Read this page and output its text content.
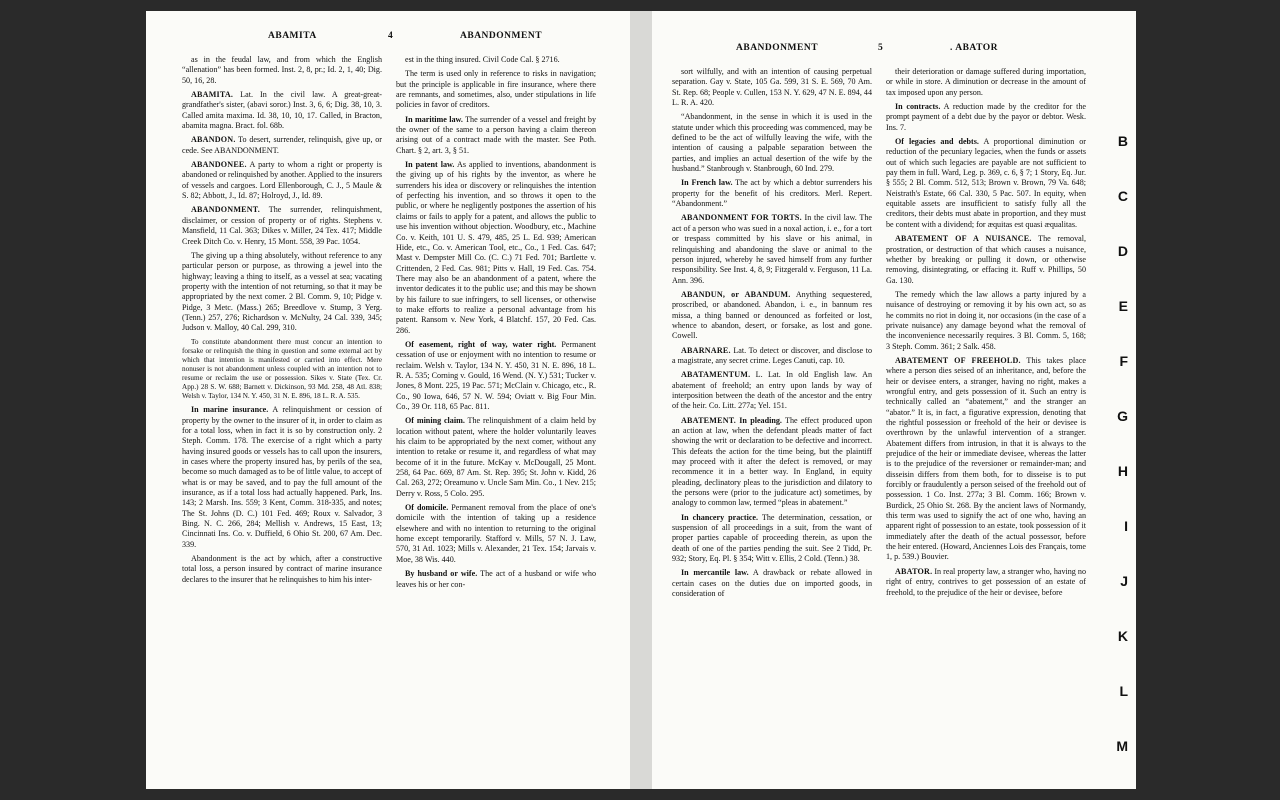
ABAMITA	4	ABANDONMENT

as in the feudal law, and from which the English “allenation” has been formed. Inst. 2, 8, pr.; Id. 2, 1, 40; Dig. 50, 16, 28.

ABAMITA. Lat. In the civil law. A great-great-grandfather's sister, (abavi soror.) Inst. 3, 6, 6; Dig. 38, 10, 3. Called amita maxima. Id. 38, 10, 10, 17. Called, in Bracton, abamita magna. Bract. fol. 68b.

ABANDON. To desert, surrender, relinquish, give up, or cede. See ABANDONMENT.

ABANDONEE. A party to whom a right or property is abandoned or relinquished by another. Applied to the insurers of vessels and cargoes. Lord Ellenborough, C. J., 5 Maule & S. 82; Abbott, J., Id. 87; Holroyd, J., Id. 89.

ABANDONMENT. The surrender, relinquishment, disclaimer, or cession of property or of rights. Stephens v. Mansfield, 11 Cal. 363; Dikes v. Miller, 24 Tex. 417; Middle Creek Ditch Co. v. Henry, 15 Mont. 558, 39 Pac. 1054.

The giving up a thing absolutely, without reference to any particular person or purpose, as throwing a jewel into the highway; leaving a thing to itself, as a vessel at sea; vacating property with the intention of not returning, so that it may be appropriated by the next comer. 2 Bl. Comm. 9, 10; Pidge v. Pidge, 3 Metc. (Mass.) 265; Breedlove v. Stump, 3 Yerg. (Tenn.) 257, 276; Richardson v. McNulty, 24 Cal. 339, 345; Judson v. Malloy, 40 Cal. 299, 310.

To constitute abandonment there must concur an intention to forsake or relinquish the thing in question and some external act by which that intention is manifested or carried into effect. Mere nonuser is not abandonment unless coupled with an intention not to resume or reclaim the use or possession. Sikes v. State (Tex. Cr. App.) 28 S. W. 688; Barnett v. Dickinson, 93 Md. 258, 48 Atl. 838; Welsh v. Taylor, 134 N. Y. 450, 31 N. E. 896, 18 L. R. A. 535.

In marine insurance. A relinquishment or cession of property by the owner to the insurer of it, in order to claim as for a total loss, when in fact it is so by construction only. 2 Steph. Comm. 178. The exercise of a right which a party having insured goods or vessels has to call upon the insurers, in cases where the property insured has, by perils of the sea, become so much damaged as to be of little value, to accept of what is or may be saved, and to pay the full amount of the insurance, as if a total loss had actually happened. Park, Ins. 143; 2 Marsh. Ins. 559; 3 Kent, Comm. 318-335, and notes; The St. Johns (D. C.) 101 Fed. 469; Roux v. Salvador, 3 Bing. N. C. 266, 284; Mellish v. Andrews, 15 East, 13; Cincinnati Ins. Co. v. Duffield, 6 Ohio St. 200, 67 Am. Dec. 339.

Abandonment is the act by which, after a constructive total loss, a person insured by contract of marine insurance declares to the insurer that he relinquishes to him his inter-

est in the thing insured. Civil Code Cal. § 2716.

The term is used only in reference to risks in navigation; but the principle is applicable in fire insurance, where there are remnants, and sometimes, also, under stipulations in life policies in favor of creditors.

In maritime law. The surrender of a vessel and freight by the owner of the same to a person having a claim thereon arising out of a contract made with the master. See Poth. Chart. § 2, art. 3, § 51.

In patent law. As applied to inventions, abandonment is the giving up of his rights by the inventor, as where he surrenders his idea or discovery or relinquishes the intention of perfecting his invention, and so throws it open to the public, or where he negligently postpones the assertion of his claims or fails to apply for a patent, and allows the public to use his invention without objection. Woodbury, etc., Machine Co. v. Keith, 101 U. S. 479, 485, 25 L. Ed. 939; American Hide, etc., Co. v. American Tool, etc., Co., 1 Fed. Cas. 647; Mast v. Dempster Mill Co. (C. C.) 71 Fed. 701; Bartlette v. Crittenden, 2 Fed. Cas. 981; Pitts v. Hall, 19 Fed. Cas. 754. There may also be an abandonment of a patent, where the inventor dedicates it to the public use; and this may be shown by his failure to sue infringers, to sell licenses, or otherwise to make efforts to realize a personal advantage from his patent. Ransom v. New York, 4 Blatchf. 157, 20 Fed. Cas. 286.

Of easement, right of way, water right. Permanent cessation of use or enjoyment with no intention to resume or reclaim. Welsh v. Taylor, 134 N. Y. 450, 31 N. E. 896, 18 L. R. A. 535; Corning v. Gould, 16 Wend. (N. Y.) 531; Tucker v. Jones, 8 Mont. 225, 19 Pac. 571; McClain v. Chicago, etc., R. Co., 90 Iowa, 646, 57 N. W. 594; Oviatt v. Big Four Min. Co., 39 Or. 118, 65 Pac. 811.

Of mining claim. The relinquishment of a claim held by location without patent, where the holder voluntarily leaves his claim to be appropriated by the next comer, without any intention to retake or resume it, and regardless of what may become of it in the future. McKay v. McDougall, 25 Mont. 258, 64 Pac. 669, 87 Am. St. Rep. 395; St. John v. Kidd, 26 Cal. 263, 272; Oreamuno v. Uncle Sam Min. Co., 1 Nev. 215; Derry v. Ross, 5 Colo. 295.

Of domicile. Permanent removal from the place of one's domicile with the intention of taking up a residence elsewhere and with no intention to returning to the original home except temporarily. Stafford v. Mills, 57 N. J. Law, 570, 31 Atl. 1023; Mills v. Alexander, 21 Tex. 154; Jarvais v. Moe, 38 Wis. 440.

By husband or wife. The act of a husband or wife who leaves his or her con-

ABANDONMENT	5	. ABATOR

sort wilfully, and with an intention of causing perpetual separation. Gay v. State, 105 Ga. 599, 31 S. E. 569, 70 Am. St. Rep. 68; People v. Cullen, 153 N. Y. 629, 47 N. E. 894, 44 L. R. A. 420.

“Abandonment, in the sense in which it is used in the statute under which this proceeding was commenced, may be defined to be the act of wilfully leaving the wife, with the intention of causing a palpable separation between the parties, and implies an actual desertion of the wife by the husband.” Stanbrough v. Stanbrough, 60 Ind. 279.

In French law. The act by which a debtor surrenders his property for the benefit of his creditors. Merl. Repert. “Abandonment.”

ABANDONMENT FOR TORTS. In the civil law. The act of a person who was sued in a noxal action, i. e., for a tort or trespass committed by his slave or his animal, in relinquishing and abandoning the slave or animal to the person injured, whereby he saved himself from any further responsibility. See Inst. 4, 8, 9; Fitzgerald v. Ferguson, 11 La. Ann. 396.

ABANDUN, or ABANDUM. Anything sequestered, proscribed, or abandoned. Abandon, i. e., in bannum res missa, a thing banned or denounced as forfeited or lost, whence to abandon, desert, or forsake, as lost and gone. Cowell.

ABARNARE. Lat. To detect or discover, and disclose to a magistrate, any secret crime. Leges Canuti, cap. 10.

ABATAMENTUM. L. Lat. In old English law. An abatement of freehold; an entry upon lands by way of interposition between the death of the ancestor and the entry of the heir. Co. Litt. 277a; Yel. 151.

ABATEMENT. In pleading. The effect produced upon an action at law, when the defendant pleads matter of fact showing the writ or declaration to be defective and incorrect. This defeats the action for the time being, but the plaintiff may proceed with it after the defect is removed, or may recommence it in a better way. In England, in equity pleading, declinatory pleas to the jurisdiction and dilatory to the persons were (prior to the judicature act) sometimes, by analogy to common law, termed “pleas in abatement.”

In chancery practice. The determination, cessation, or suspension of all proceedings in a suit, from the want of proper parties capable of proceeding therein, as upon the death of one of the parties pending the suit. See 2 Tidd, Pr. 932; Story, Eq. Pl. § 354; Witt v. Ellis, 2 Cold. (Tenn.) 38.

In mercantile law. A drawback or rebate allowed in certain cases on the duties due on imported goods, in consideration of

their deterioration or damage suffered during importation, or while in store. A diminution or decrease in the amount of tax imposed upon any person.

In contracts. A reduction made by the creditor for the prompt payment of a debt due by the payor or debtor. Wesk. Ins. 7.

Of legacies and debts. A proportional diminution or reduction of the pecuniary legacies, when the funds or assets out of which such legacies are payable are not sufficient to pay them in full. Ward, Leg. p. 369, c. 6, § 7; 1 Story, Eq. Jur. § 555; 2 Bl. Comm. 512, 513; Brown v. Brown, 79 Va. 648; Neistrath's Estate, 66 Cal. 330, 5 Pac. 507. In equity, when equitable assets are insufficient to satisfy fully all the creditors, their debts must abate in proportion, and they must be content with a dividend; for æquitas est quasi æqualitas.

ABATEMENT OF A NUISANCE. The removal, prostration, or destruction of that which causes a nuisance, whether by breaking or pulling it down, or otherwise removing, disintegrating, or effacing it. Ruff v. Phillips, 50 Ga. 130.

The remedy which the law allows a party injured by a nuisance of destroying or removing it by his own act, so as he commits no riot in doing it, nor occasions (in the case of a private nuisance) any damage beyond what the removal of the inconvenience necessarily requires. 3 Bl. Comm. 5, 168; 3 Steph. Comm. 361; 2 Salk. 458.

ABATEMENT OF FREEHOLD. This takes place where a person dies seised of an inheritance, and, before the heir or devisee enters, a stranger, having no right, makes a wrongful entry, and gets possession of it. Such an entry is technically called an “abatement,” and the stranger an “abator.” It is, in fact, a figurative expression, denoting that the rightful possession or freehold of the heir or devisee is overthrown by the unlawful intervention of a stranger. Abatement differs from intrusion, in that it is always to the prejudice of the heir or immediate devisee, whereas the latter is to the prejudice of the reversioner or remainder-man; and disseisin differs from them both, for to disseise is to put forcibly or fraudulently a person seised of the freehold out of possession. 1 Co. Inst. 277a; 3 Bl. Comm. 166; Brown v. Burdick, 25 Ohio St. 268. By the ancient laws of Normandy, this term was used to signify the act of one who, having an apparent right of possession to an estate, took possession of it immediately after the death of the actual possessor, before the heir entered. (Howard, Anciennes Lois des Français, tome 1, p. 539.) Bouvier.

ABATOR. In real property law, a stranger who, having no right of entry, contrives to get possession of an estate of freehold, to the prejudice of the heir or devisee, before

B
C
D
E
F
G
H
I
J
K
L
M
